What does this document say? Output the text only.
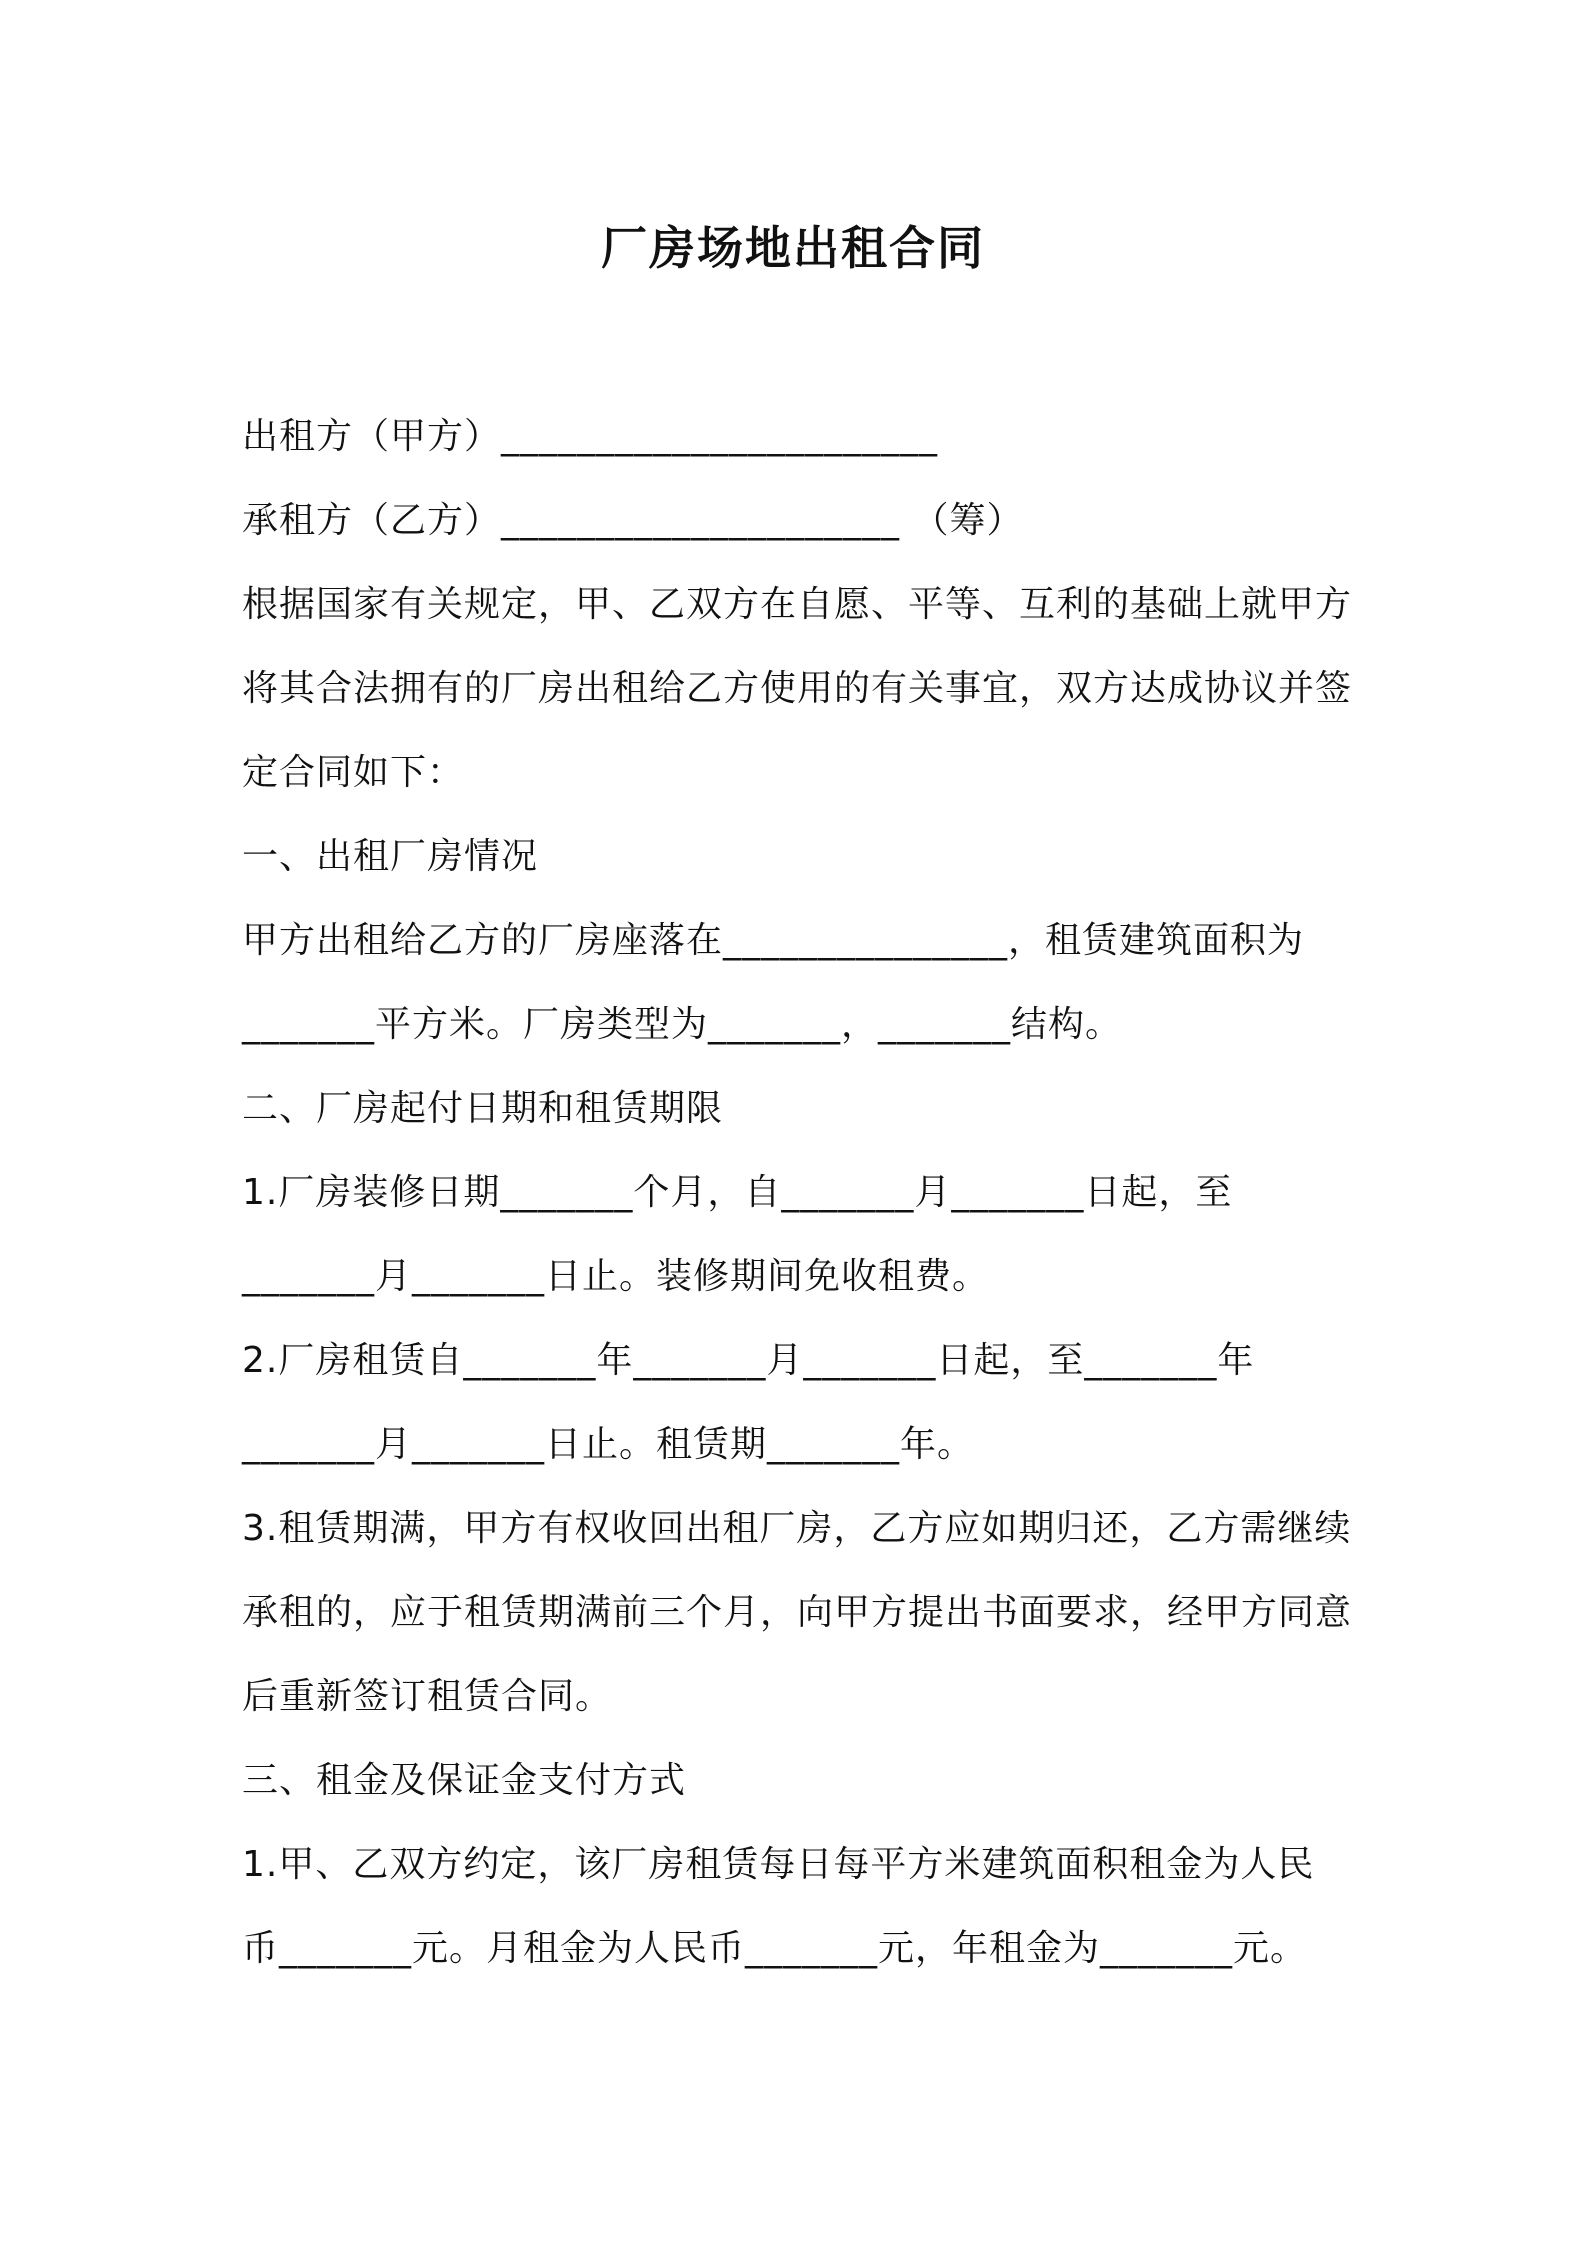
厂房场地出租合同
出租方（甲方）_______________________
承租方（乙方）_____________________ （筹）
根据国家有关规定，甲、乙双方在自愿、平等、互利的基础上就甲方
将其合法拥有的厂房出租给乙方使用的有关事宜，双方达成协议并签
定合同如下：
一、出租厂房情况
甲方出租给乙方的厂房座落在_______________，租赁建筑面积为
_______平方米。厂房类型为_______，_______结构。
二、厂房起付日期和租赁期限
1.厂房装修日期_______个月，自_______月_______日起，至
_______月_______日止。装修期间免收租费。
2.厂房租赁自_______年_______月_______日起，至_______年
_______月_______日止。租赁期_______年。
3.租赁期满，甲方有权收回出租厂房，乙方应如期归还，乙方需继续
承租的，应于租赁期满前三个月，向甲方提出书面要求，经甲方同意
后重新签订租赁合同。
三、租金及保证金支付方式
1.甲、乙双方约定，该厂房租赁每日每平方米建筑面积租金为人民
币_______元。月租金为人民币_______元，年租金为_______元。
